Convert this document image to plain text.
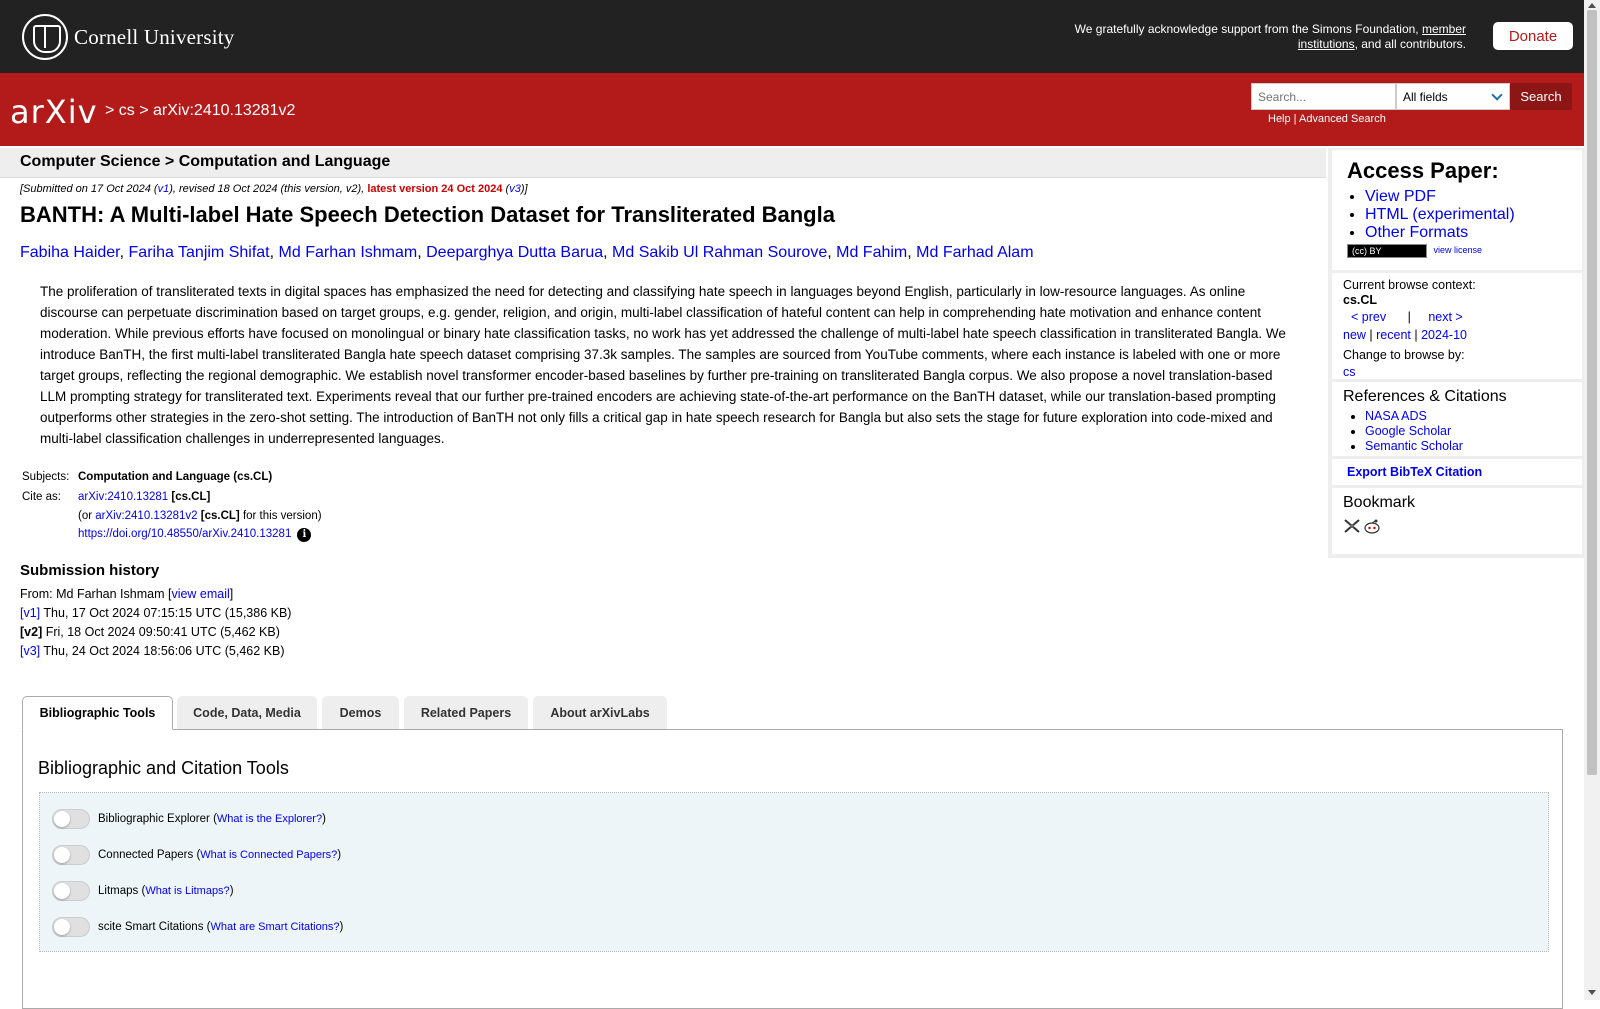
Cornell University	We gratefully acknowledge support from the Simons Foundation, member institutions, and all contributors.	Donate
arXiv > cs > arXiv:2410.13281v2
Search...
All fields	Search
Help | Advanced Search
Computer Science > Computation and Language
[Submitted on 17 Oct 2024 (v1), revised 18 Oct 2024 (this version, v2), latest version 24 Oct 2024 (v3)]
BANTH: A Multi-label Hate Speech Detection Dataset for Transliterated Bangla
Fabiha Haider, Fariha Tanjim Shifat, Md Farhan Ishmam, Deeparghya Dutta Barua, Md Sakib Ul Rahman Sourove, Md Fahim, Md Farhad Alam

The proliferation of transliterated texts in digital spaces has emphasized the need for detecting and classifying hate speech in languages beyond English, particularly in low-resource languages. As online discourse can perpetuate discrimination based on target groups, e.g. gender, religion, and origin, multi-label classification of hateful content can help in comprehending hate motivation and enhance content moderation. While previous efforts have focused on monolingual or binary hate classification tasks, no work has yet addressed the challenge of multi-label hate speech classification in transliterated Bangla. We introduce BanTH, the first multi-label transliterated Bangla hate speech dataset comprising 37.3k samples. The samples are sourced from YouTube comments, where each instance is labeled with one or more target groups, reflecting the regional demographic. We establish novel transformer encoder-based baselines by further pre-training on transliterated Bangla corpus. We also propose a novel translation-based LLM prompting strategy for transliterated text. Experiments reveal that our further pre-trained encoders are achieving state-of-the-art performance on the BanTH dataset, while our translation-based prompting outperforms other strategies in the zero-shot setting. The introduction of BanTH not only fills a critical gap in hate speech research for Bangla but also sets the stage for future exploration into code-mixed and multi-label classification challenges in underrepresented languages.

Subjects: Computation and Language (cs.CL)
Cite as: arXiv:2410.13281 [cs.CL]
(or arXiv:2410.13281v2 [cs.CL] for this version)
https://doi.org/10.48550/arXiv.2410.13281 i
Submission history
From: Md Farhan Ishmam [view email]
[v1] Thu, 17 Oct 2024 07:15:15 UTC (15,386 KB)
[v2] Fri, 18 Oct 2024 09:50:41 UTC (5,462 KB)
[v3] Thu, 24 Oct 2024 18:56:06 UTC (5,462 KB)
Bibliographic Tools	Code, Data, Media	Demos	Related Papers	About arXivLabs
Bibliographic and Citation Tools
Bibliographic Explorer ( What is the Explorer? )
Connected Papers ( What is Connected Papers? )
Litmaps ( What is Litmaps? )
scite Smart Citations ( What are Smart Citations? )
Access Paper:
• View PDF
• HTML (experimental)
• Other Formats
(cc) BY	view license
Current browse context:
cs.CL
< prev | next >
new | recent | 2024-10
Change to browse by:
cs
References & Citations
• NASA ADS
• Google Scholar
• Semantic Scholar
Export BibTeX Citation
Bookmark
